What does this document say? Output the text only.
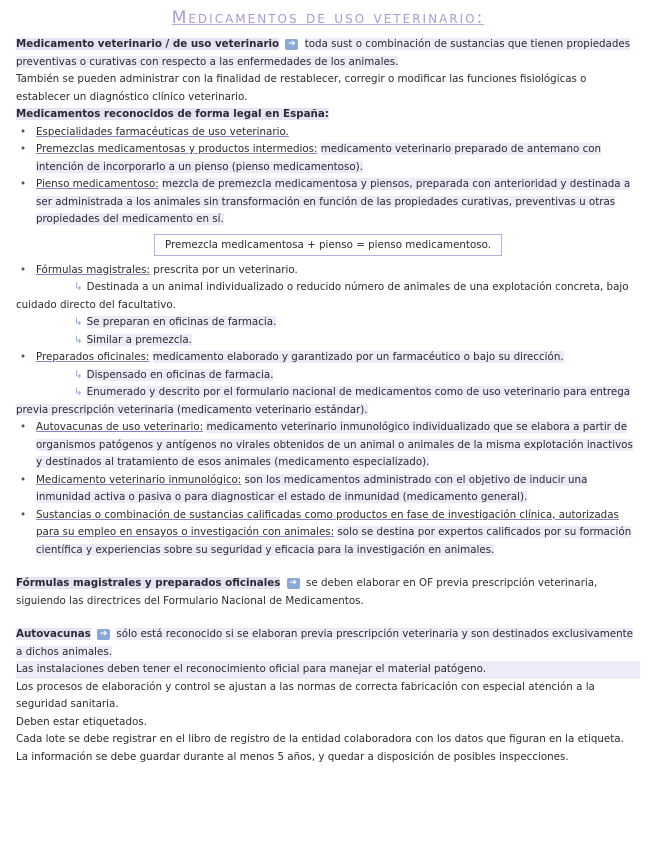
Medicamentos de uso veterinario:

Medicamento veterinario / de uso veterinario ➔ toda sust o combinación de sustancias que tienen propiedades preventivas o curativas con respecto a las enfermedades de los animales.

También se pueden administrar con la finalidad de restablecer, corregir o modificar las funciones fisiológicas o establecer un diagnóstico clínico veterinario.

Medicamentos reconocidos de forma legal en España:

• Especialidades farmacéuticas de uso veterinario.
• Premezclas medicamentosas y productos intermedios: medicamento veterinario preparado de antemano con intención de incorporarlo a un pienso (pienso medicamentoso).
• Pienso medicamentoso: mezcla de premezcla medicamentosa y piensos, preparada con anterioridad y destinada a ser administrada a los animales sin transformación en función de las propiedades curativas, preventivas u otras propiedades del medicamento en sí.
Premezcla medicamentosa + pienso = pienso medicamentoso.
• Fórmulas magistrales: prescrita por un veterinario.
↳ Destinada a un animal individualizado o reducido número de animales de una explotación concreta, bajo cuidado directo del facultativo.
↳ Se preparan en oficinas de farmacia.
↳ Similar a premezcla.
• Preparados oficinales: medicamento elaborado y garantizado por un farmacéutico o bajo su dirección.
↳ Dispensado en oficinas de farmacia.
↳ Enumerado y descrito por el formulario nacional de medicamentos como de uso veterinario para entrega previa prescripción veterinaria (medicamento veterinario estándar).
• Autovacunas de uso veterinario: medicamento veterinario inmunológico individualizado que se elabora a partir de organismos patógenos y antígenos no virales obtenidos de un animal o animales de la misma explotación inactivos y destinados al tratamiento de esos animales (medicamento especializado).
• Medicamento veterinario inmunológico: son los medicamentos administrado con el objetivo de inducir una inmunidad activa o pasiva o para diagnosticar el estado de inmunidad (medicamento general).
• Sustancias o combinación de sustancias calificadas como productos en fase de investigación clínica, autorizadas para su empleo en ensayos o investigación con animales: solo se destina por expertos calificados por su formación científica y experiencias sobre su seguridad y eficacia para la investigación en animales.

Fórmulas magistrales y preparados oficinales ➔ se deben elaborar en OF previa prescripción veterinaria, siguiendo las directrices del Formulario Nacional de Medicamentos.

Autovacunas ➔ sólo está reconocido si se elaboran previa prescripción veterinaria y son destinados exclusivamente a dichos animales.

Las instalaciones deben tener el reconocimiento oficial para manejar el material patógeno.

Los procesos de elaboración y control se ajustan a las normas de correcta fabricación con especial atención a la seguridad sanitaria.

Deben estar etiquetados.

Cada lote se debe registrar en el libro de registro de la entidad colaboradora con los datos que figuran en la etiqueta.

La información se debe guardar durante al menos 5 años, y quedar a disposición de posibles inspecciones.
